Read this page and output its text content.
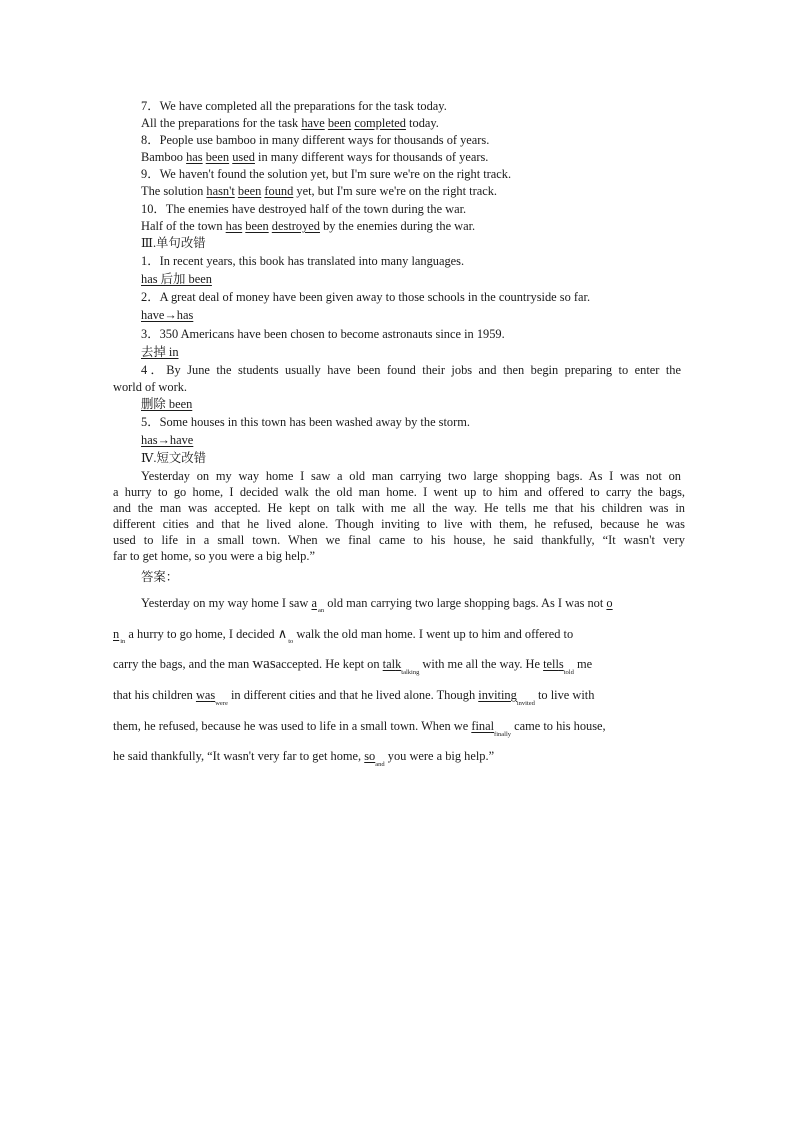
7．We have completed all the preparations for the task today.

All the preparations for the task have been completed today.

8．People use bamboo in many different ways for thousands of years.

Bamboo has been used in many different ways for thousands of years.

9．We haven't found the solution yet, but I'm sure we're on the right track.

The solution hasn't been found yet, but I'm sure we're on the right track.

10．The enemies have destroyed half of the town during the war.

Half of the town has been destroyed by the enemies during the war.

Ⅲ.单句改错

1．In recent years, this book has translated into many languages.

has 后加 been

2．A great deal of money have been given away to those schools in the countryside so far.

have→has

3．350 Americans have been chosen to become astronauts since in 1959.

去掉 in

4．By June the students usually have been found their jobs and then begin preparing to enter the

world of work.

删除 been

5．Some houses in this town has been washed away by the storm.

has→have

Ⅳ.短文改错

Yesterday on my way home I saw a old man carrying two large shopping bags. As I was not on

a hurry to go home, I decided walk the old man home. I went up to him and offered to carry the bags,

and the man was accepted. He kept on talk with me all the way. He tells me that his children was in

different cities and that he lived alone. Though inviting to live with them, he refused, because he was

used to life in a small town. When we final came to his house, he said thankfully, “It wasn't very

far to get home, so you were a big help.”

答案：

Yesterday on my way home I saw $a_{an}$ old man carrying two large shopping bags. As I was not o

$n_{in}$ a hurry to go home, I decided $\wedge_{to}$ walk the old man home. I went up to him and offered to

carry the bags, and the man wasaccepted. He kept on talk$_{talking}$ with me all the way. He tells$_{told}$ me

that his children was$_{were}$ in different cities and that he lived alone. Though inviting$_{invited}$ to live with

them, he refused, because he was used to life in a small town. When we final$_{finally}$ came to his house,

he said thankfully, “It wasn't very far to get home, $so_{and}$ you were a big help.”
